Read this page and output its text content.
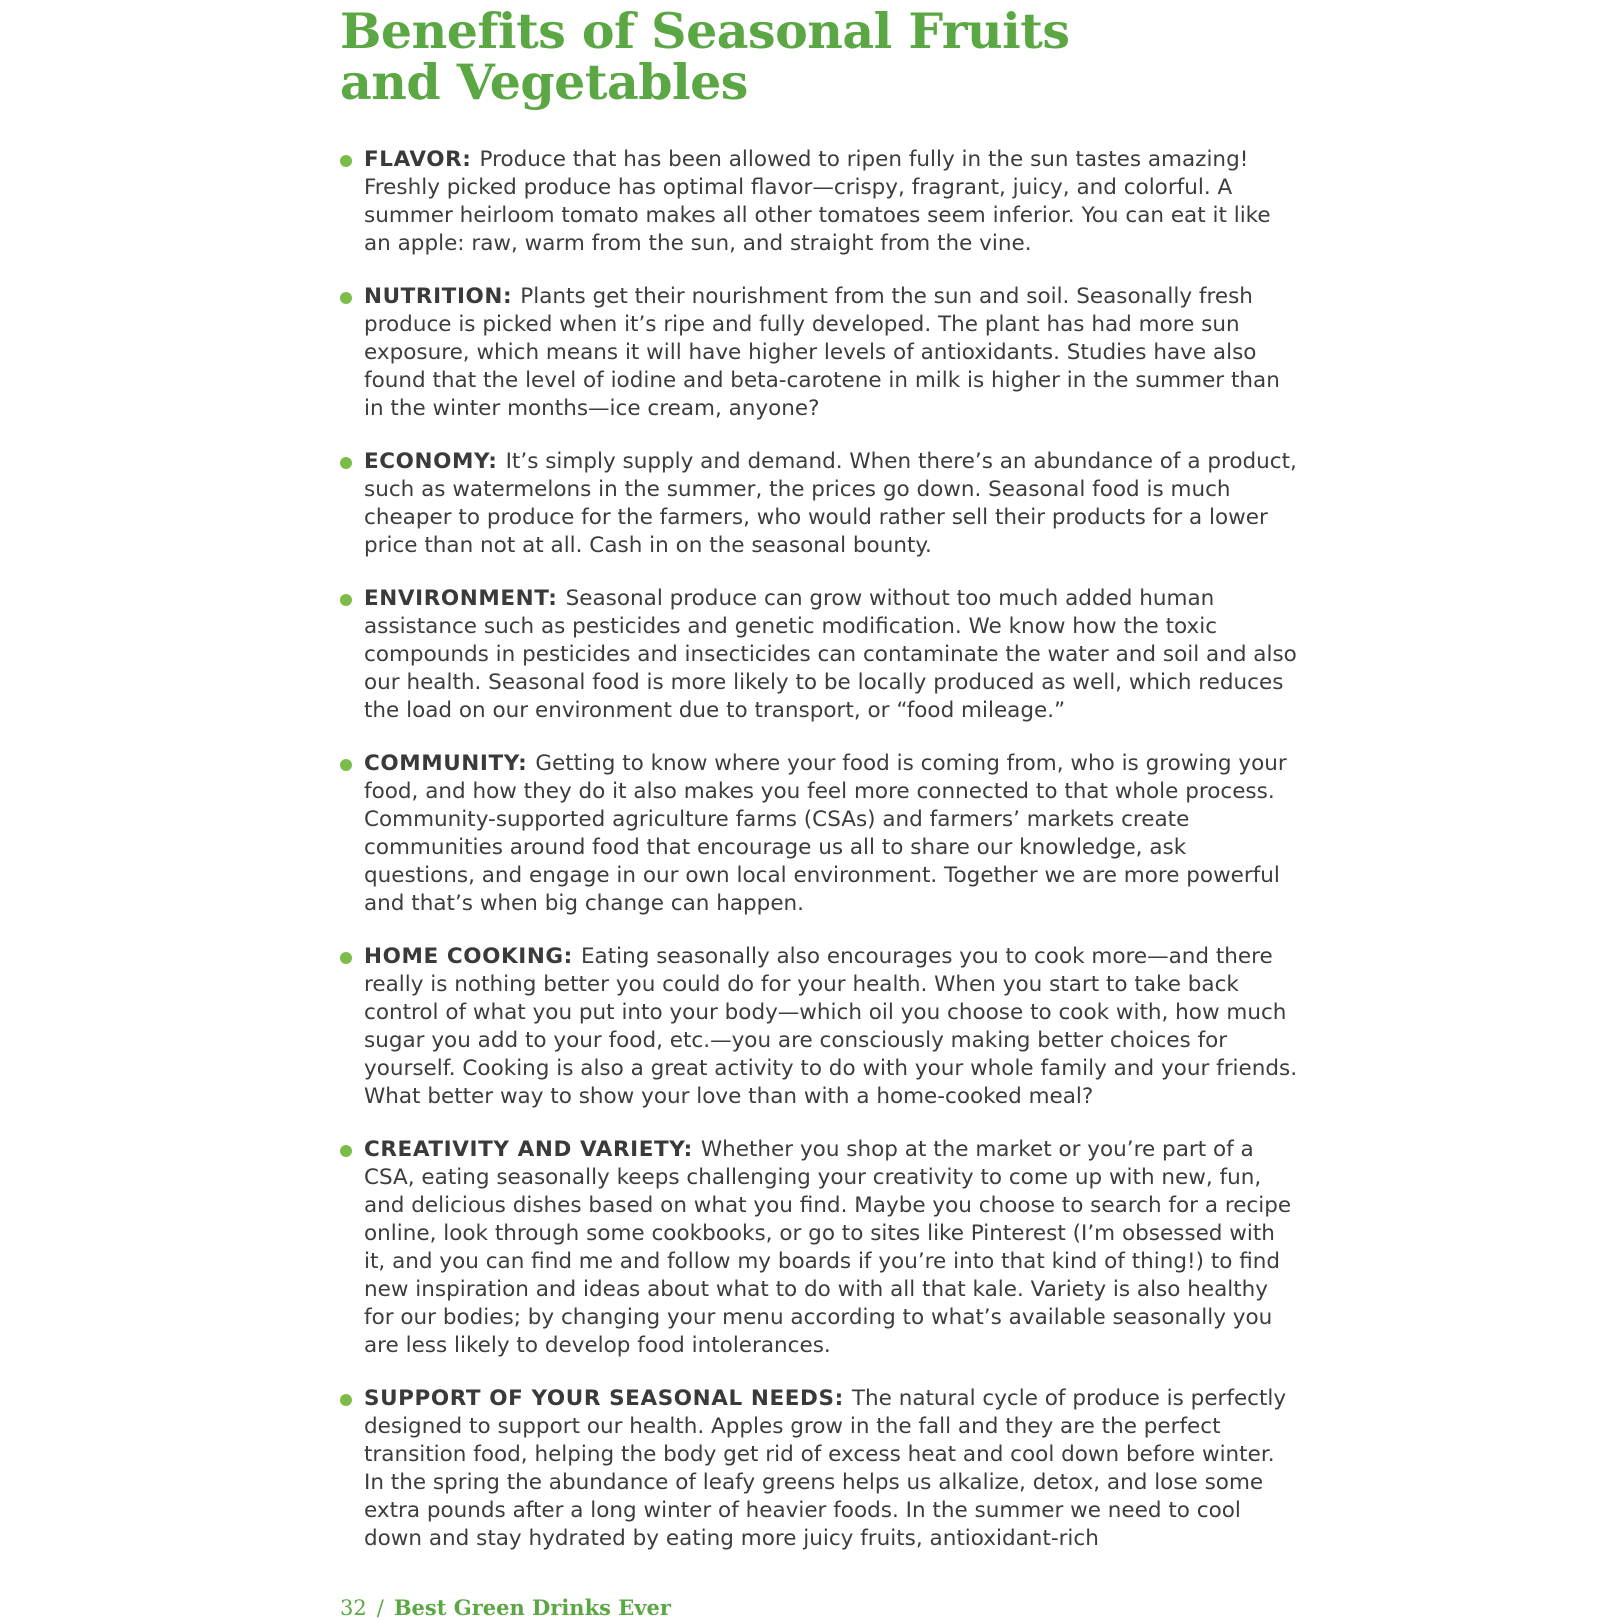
Benefits of Seasonal Fruits
and Vegetables
FLAVOR: Produce that has been allowed to ripen fully in the sun tastes amazing! Freshly picked produce has optimal flavor—crispy, fragrant, juicy, and colorful. A summer heirloom tomato makes all other tomatoes seem inferior. You can eat it like an apple: raw, warm from the sun, and straight from the vine.
NUTRITION: Plants get their nourishment from the sun and soil. Seasonally fresh produce is picked when it’s ripe and fully developed. The plant has had more sun exposure, which means it will have higher levels of antioxidants. Studies have also found that the level of iodine and beta-carotene in milk is higher in the summer than in the winter months—ice cream, anyone?
ECONOMY: It’s simply supply and demand. When there’s an abundance of a product, such as watermelons in the summer, the prices go down. Seasonal food is much cheaper to produce for the farmers, who would rather sell their products for a lower price than not at all. Cash in on the seasonal bounty.
ENVIRONMENT: Seasonal produce can grow without too much added human assistance such as pesticides and genetic modification. We know how the toxic compounds in pesticides and insecticides can contaminate the water and soil and also our health. Seasonal food is more likely to be locally produced as well, which reduces the load on our environment due to transport, or “food mileage.”
COMMUNITY: Getting to know where your food is coming from, who is growing your food, and how they do it also makes you feel more connected to that whole process. Community-supported agriculture farms (CSAs) and farmers’ markets create communities around food that encourage us all to share our knowledge, ask questions, and engage in our own local environment. Together we are more powerful and that’s when big change can happen.
HOME COOKING: Eating seasonally also encourages you to cook more—and there really is nothing better you could do for your health. When you start to take back control of what you put into your body—which oil you choose to cook with, how much sugar you add to your food, etc.—you are consciously making better choices for yourself. Cooking is also a great activity to do with your whole family and your friends. What better way to show your love than with a home-cooked meal?
CREATIVITY AND VARIETY: Whether you shop at the market or you’re part of a CSA, eating seasonally keeps challenging your creativity to come up with new, fun, and delicious dishes based on what you find. Maybe you choose to search for a recipe online, look through some cookbooks, or go to sites like Pinterest (I’m obsessed with it, and you can find me and follow my boards if you’re into that kind of thing!) to find new inspiration and ideas about what to do with all that kale. Variety is also healthy for our bodies; by changing your menu according to what’s available seasonally you are less likely to develop food intolerances.
SUPPORT OF YOUR SEASONAL NEEDS: The natural cycle of produce is perfectly designed to support our health. Apples grow in the fall and they are the perfect transition food, helping the body get rid of excess heat and cool down before winter. In the spring the abundance of leafy greens helps us alkalize, detox, and lose some extra pounds after a long winter of heavier foods. In the summer we need to cool down and stay hydrated by eating more juicy fruits, antioxidant-rich
32 / Best Green Drinks Ever
